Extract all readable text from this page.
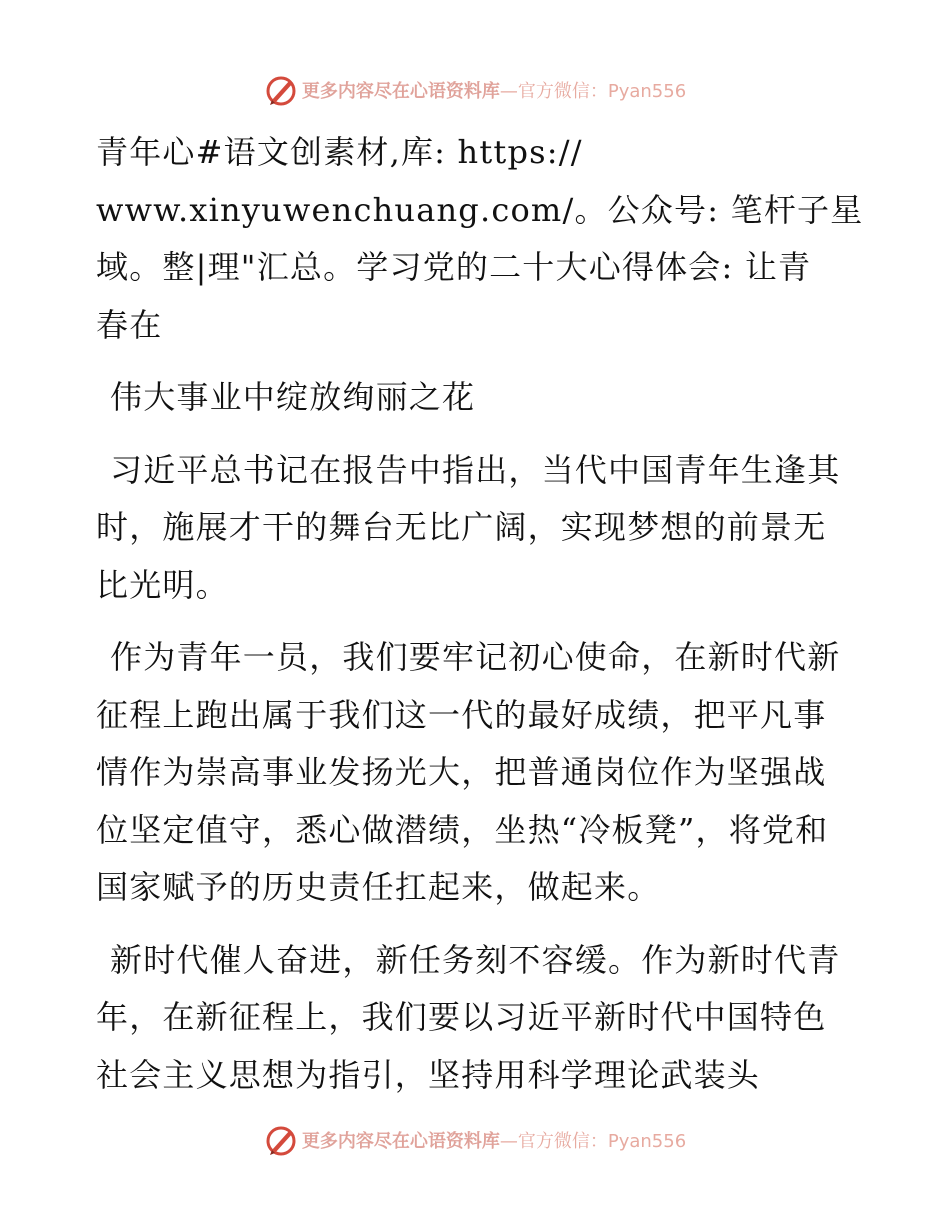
更多内容尽在心语资料库 —官方微信：Pyan556

青年心#语文创素材,库: https://
www.xinyuwenchuang.com/。公众号: 笔杆子星
域。整|理"汇总。学习党的二十大心得体会: 让青
春在

伟大事业中绽放绚丽之花

习近平总书记在报告中指出，当代中国青年生逢其时，施展才干的舞台无比广阔，实现梦想的前景无比光明。

作为青年一员，我们要牢记初心使命，在新时代新征程上跑出属于我们这一代的最好成绩，把平凡事情作为崇高事业发扬光大，把普通岗位作为坚强战位坚定值守，悉心做潜绩，坐热“冷板凳”，将党和国家赋予的历史责任扛起来，做起来。

新时代催人奋进，新任务刻不容缓。作为新时代青年，在新征程上，我们要以习近平新时代中国特色社会主义思想为指引，坚持用科学理论武装头

更多内容尽在心语资料库 —官方微信：Pyan556
